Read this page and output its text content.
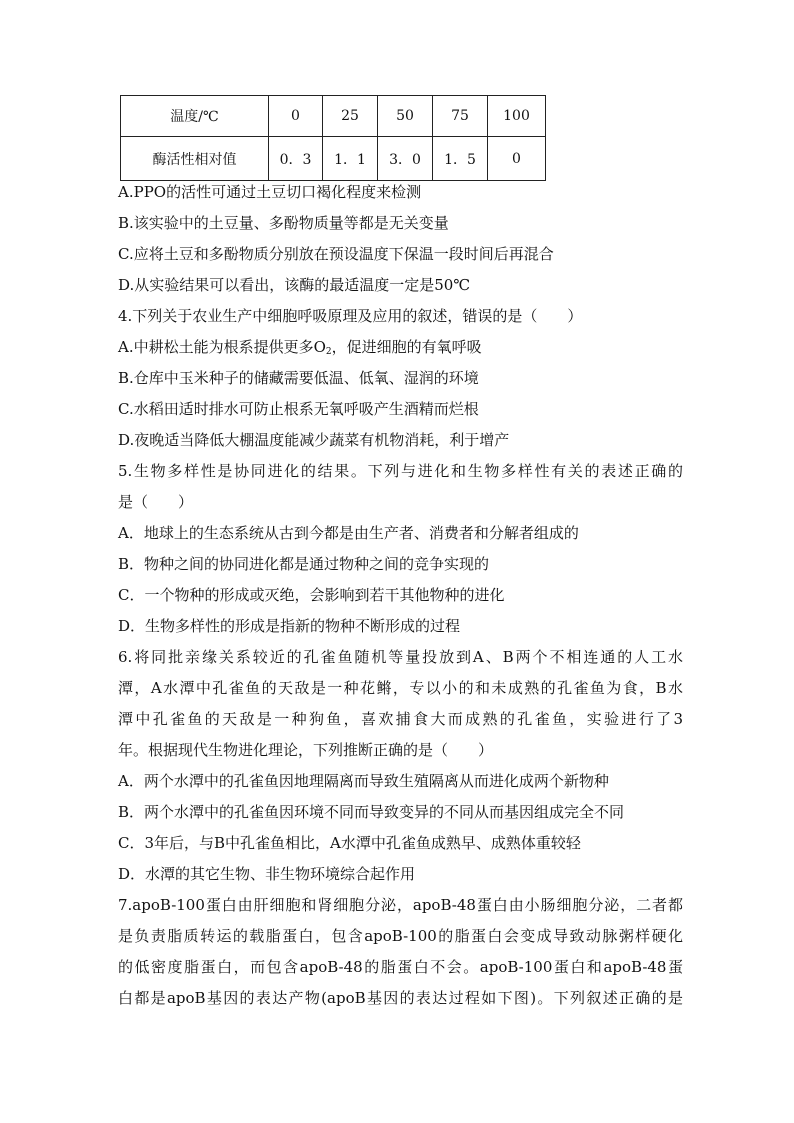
温度/℃	0	25	50	75	100
酶活性相对值	0．3	1．1	3．0	1．5	0
A.PPO的活性可通过土豆切口褐化程度来检测
B.该实验中的土豆量、多酚物质量等都是无关变量
C.应将土豆和多酚物质分别放在预设温度下保温一段时间后再混合
D.从实验结果可以看出，该酶的最适温度一定是50℃
4.下列关于农业生产中细胞呼吸原理及应用的叙述，错误的是（　　）
A.中耕松土能为根系提供更多$O_2$，促进细胞的有氧呼吸
B.仓库中玉米种子的储藏需要低温、低氧、湿润的环境
C.水稻田适时排水可防止根系无氧呼吸产生酒精而烂根
D.夜晚适当降低大棚温度能减少蔬菜有机物消耗，利于增产
5.生物多样性是协同进化的结果。下列与进化和生物多样性有关的表述正确的
是（　　）
A．地球上的生态系统从古到今都是由生产者、消费者和分解者组成的
B．物种之间的协同进化都是通过物种之间的竞争实现的
C．一个物种的形成或灭绝，会影响到若干其他物种的进化
D．生物多样性的形成是指新的物种不断形成的过程
6.将同批亲缘关系较近的孔雀鱼随机等量投放到A、B两个不相连通的人工水
潭，A水潭中孔雀鱼的天敌是一种花鳉，专以小的和未成熟的孔雀鱼为食，B水
潭中孔雀鱼的天敌是一种狗鱼，喜欢捕食大而成熟的孔雀鱼，实验进行了3
年。根据现代生物进化理论，下列推断正确的是（　　）
A．两个水潭中的孔雀鱼因地理隔离而导致生殖隔离从而进化成两个新物种
B．两个水潭中的孔雀鱼因环境不同而导致变异的不同从而基因组成完全不同
C．3年后，与B中孔雀鱼相比，A水潭中孔雀鱼成熟早、成熟体重较轻
D．水潭的其它生物、非生物环境综合起作用
7.apoB-100蛋白由肝细胞和肾细胞分泌，apoB-48蛋白由小肠细胞分泌，二者都
是负责脂质转运的载脂蛋白，包含apoB-100的脂蛋白会变成导致动脉粥样硬化
的低密度脂蛋白，而包含apoB-48的脂蛋白不会。apoB-100蛋白和apoB-48蛋
白都是apoB基因的表达产物(apoB基因的表达过程如下图)。下列叙述正确的是
